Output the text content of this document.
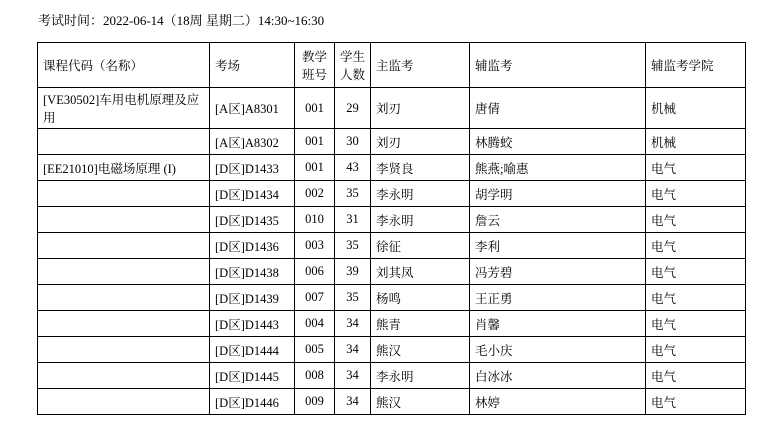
考试时间：2022-06-14（18周 星期二）14:30~16:30
课程代码（名称）	考场	教学班号	学生人数	主监考	辅监考	辅监考学院
[VE30502]车用电机原理及应用	[A区]A8301	001	29	刘刃	唐倩	机械
	[A区]A8302	001	30	刘刃	林腾蛟	机械
[EE21010]电磁场原理 (I)	[D区]D1433	001	43	李贤良	熊燕;喻惠	电气
	[D区]D1434	002	35	李永明	胡学明	电气
	[D区]D1435	010	31	李永明	詹云	电气
	[D区]D1436	003	35	徐征	李利	电气
	[D区]D1438	006	39	刘其凤	冯芳碧	电气
	[D区]D1439	007	35	杨鸣	王正勇	电气
	[D区]D1443	004	34	熊青	肖馨	电气
	[D区]D1444	005	34	熊汉	毛小庆	电气
	[D区]D1445	008	34	李永明	白冰冰	电气
	[D区]D1446	009	34	熊汉	林婷	电气
